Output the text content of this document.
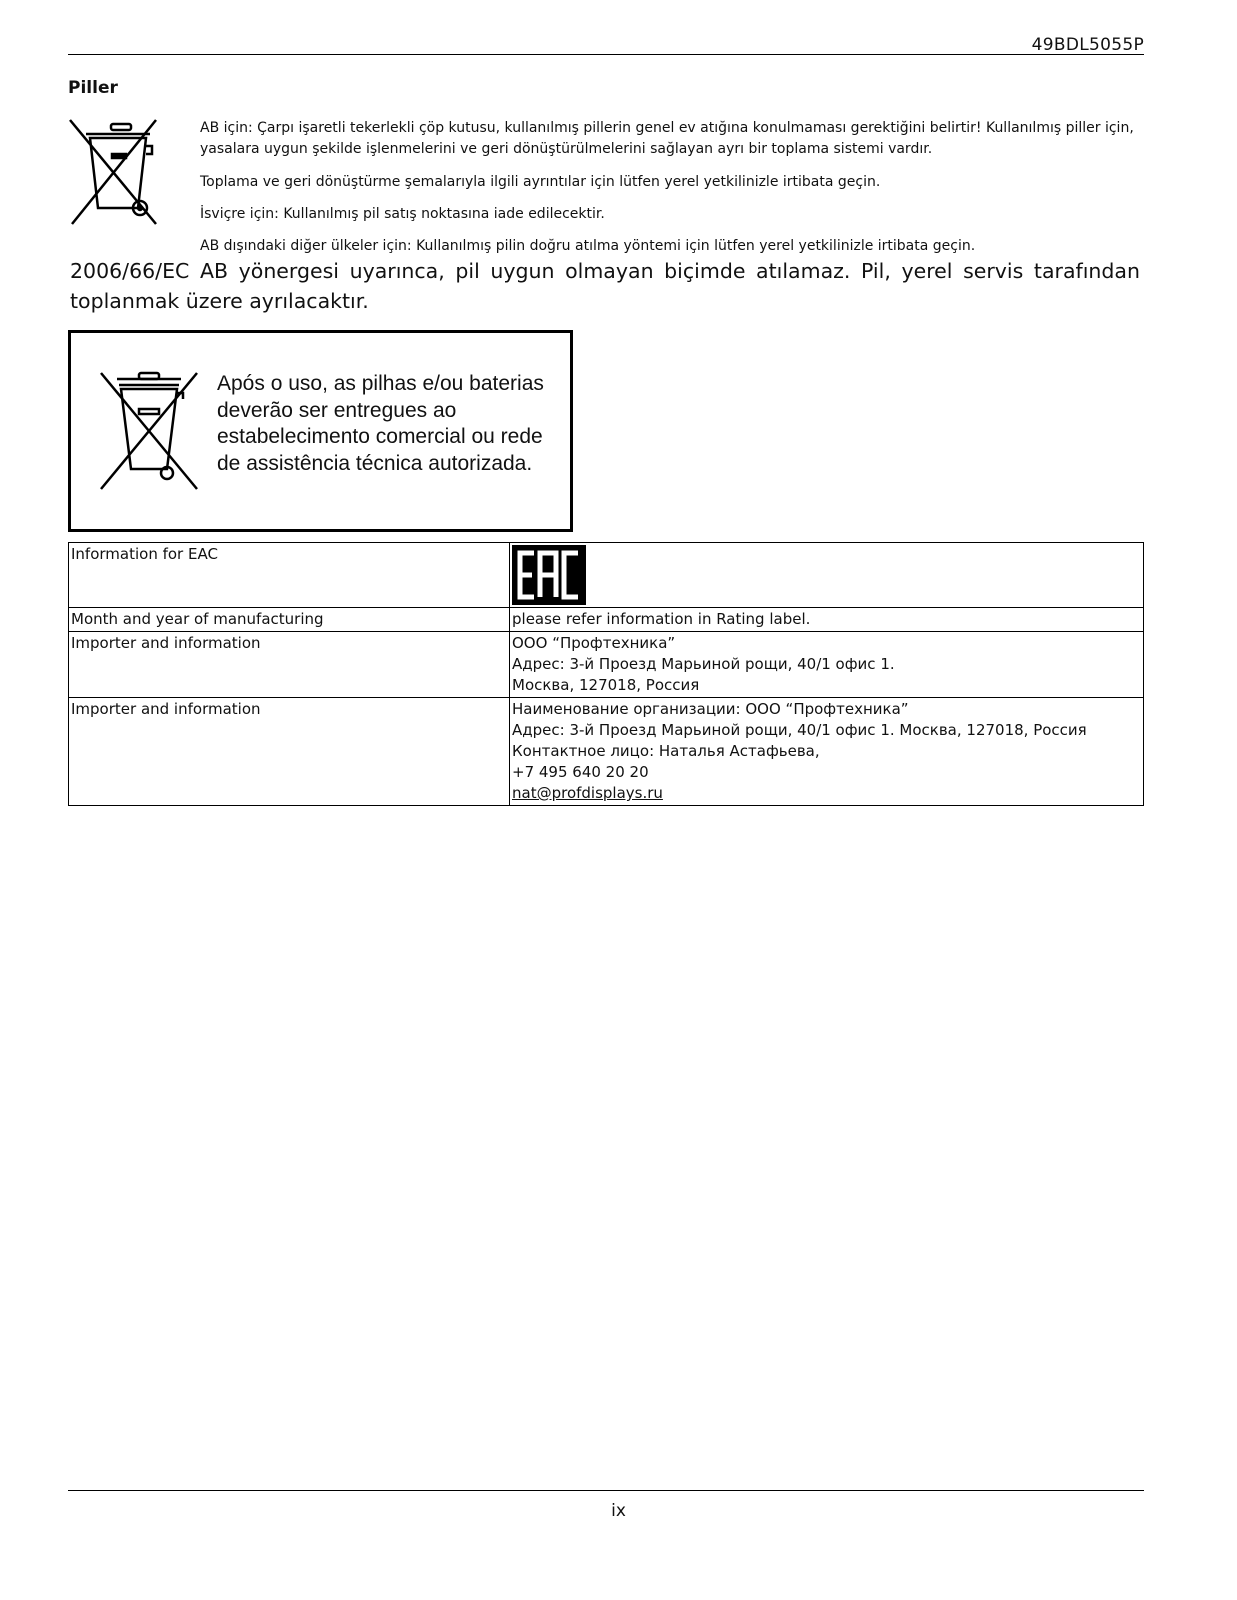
49BDL5055P
Piller
AB için: Çarpı işaretli tekerlekli çöp kutusu, kullanılmış pillerin genel ev atığına konulmaması gerektiğini belirtir! Kullanılmış piller için, yasalara uygun şekilde işlenmelerini ve geri dönüştürülmelerini sağlayan ayrı bir toplama sistemi vardır.
Toplama ve geri dönüştürme şemalarıyla ilgili ayrıntılar için lütfen yerel yetkilinizle irtibata geçin.
İsviçre için: Kullanılmış pil satış noktasına iade edilecektir.
AB dışındaki diğer ülkeler için: Kullanılmış pilin doğru atılma yöntemi için lütfen yerel yetkilinizle irtibata geçin.
2006/66/EC AB yönergesi uyarınca, pil uygun olmayan biçimde atılamaz. Pil, yerel servis tarafından toplanmak üzere ayrılacaktır.
Após o uso, as pilhas e/ou baterias deverão ser entregues ao estabelecimento comercial ou rede de assistência técnica autorizada.
Information for EAC	

Month and year of manufacturing	please refer information in Rating label.

Importer and information	ООО “Профтехника”
Адрес: 3-й Проезд Марьиной рощи, 40/1 офис 1.
Москва, 127018, Россия

Importer and information	Наименование организации: ООО “Профтехника”
Адрес: 3-й Проезд Марьиной рощи, 40/1 офис 1. Москва, 127018, Россия
Контактное лицо: Наталья Астафьева,
+7 495 640 20 20
nat@profdisplays.ru
ix
